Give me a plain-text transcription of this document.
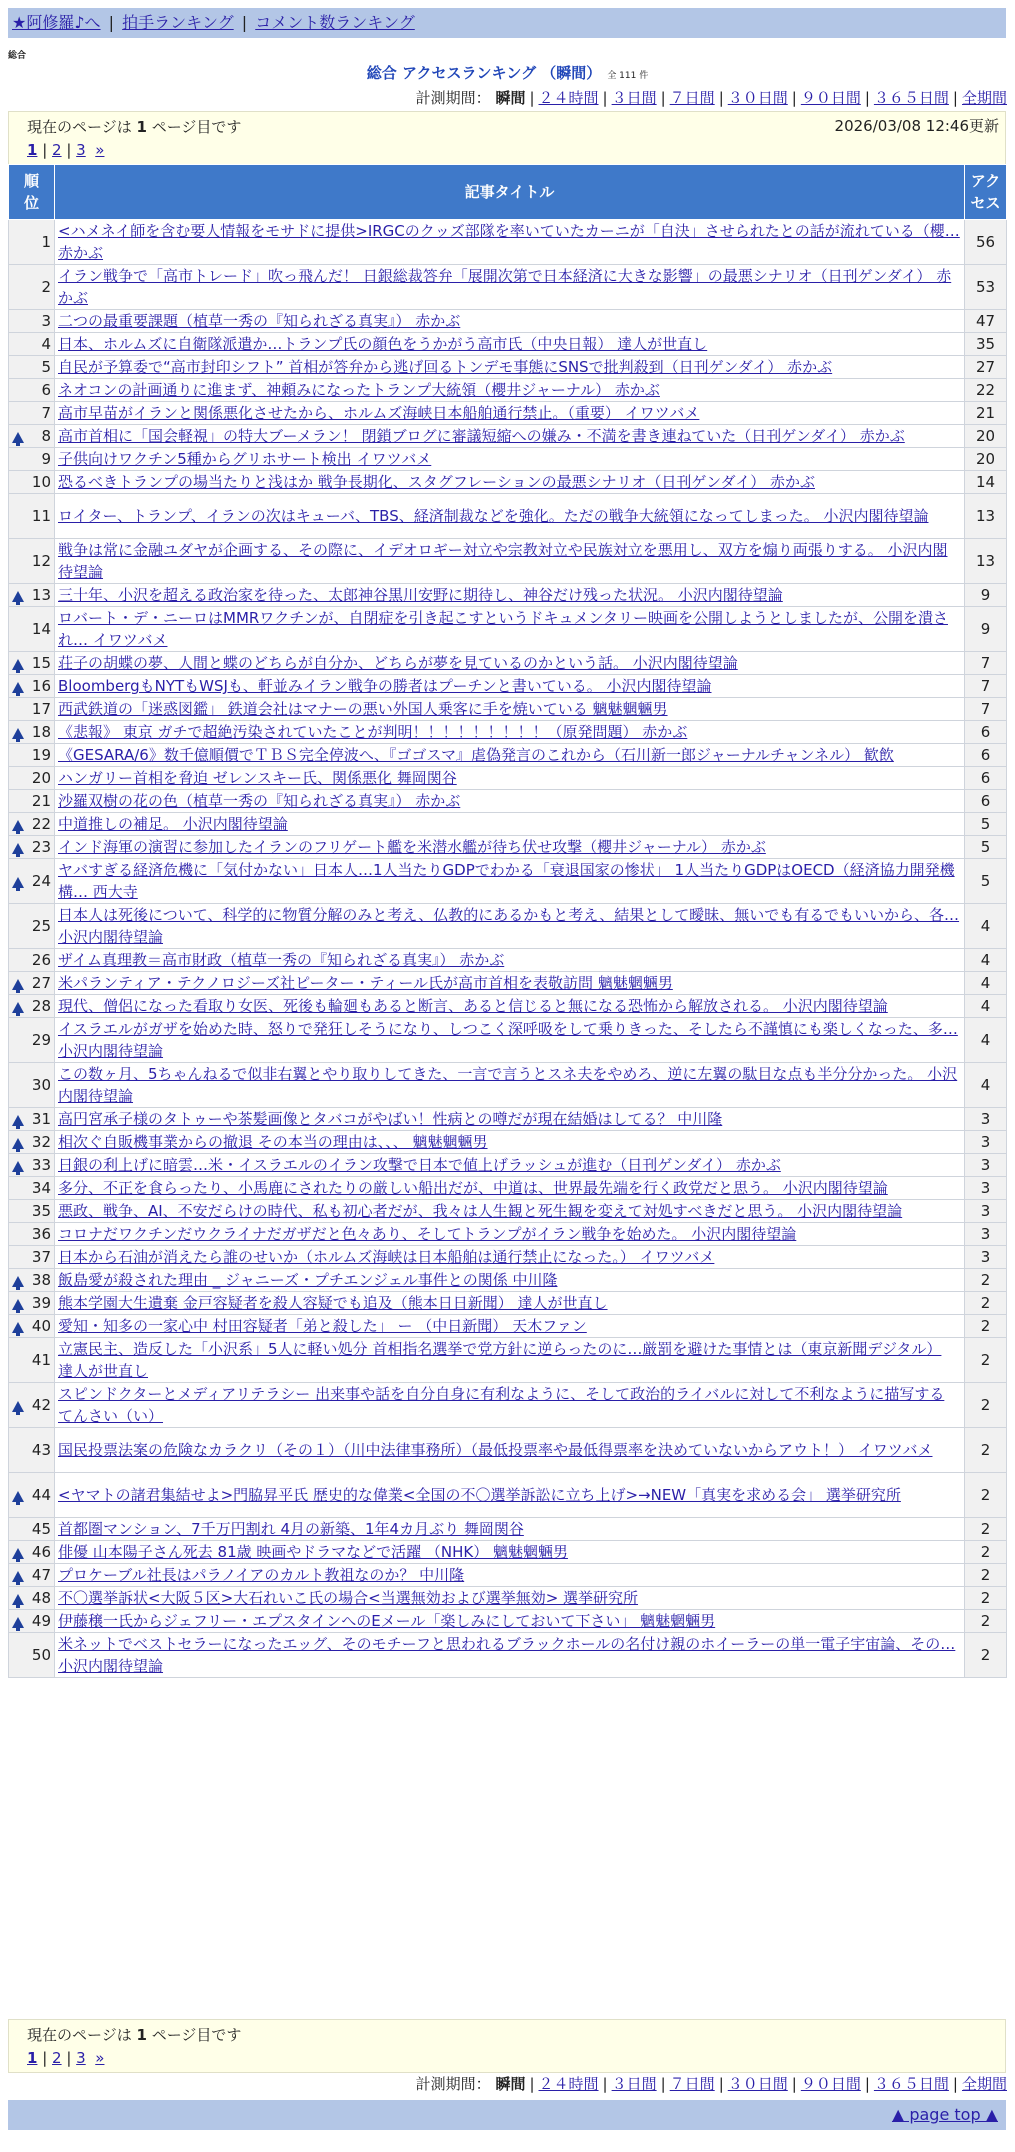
★阿修羅♪へ | 拍手ランキング | コメント数ランキング
総合
総合 アクセスランキング （瞬間） 全 111 件
計測期間： 瞬間 | ２４時間 | ３日間 | ７日間 | ３０日間 | ９０日間 | ３６５日間 | 全期間
現在のページは 1 ページ目です	2026/03/08 12:46更新
1 | 2 | 3 »
順位	記事タイトル	アクセス
1	<ハメネイ師を含む要人情報をモサドに提供>IRGCのクッズ部隊を率いていたカーニが「自決」させられたとの話が流れている（櫻… 赤かぶ	56
2	イラン戦争で「高市トレード」吹っ飛んだ！ 日銀総裁答弁「展開次第で日本経済に大きな影響」の最悪シナリオ（日刊ゲンダイ） 赤かぶ	53
3	二つの最重要課題（植草一秀の『知られざる真実』） 赤かぶ	47
4	日本、ホルムズに自衛隊派遣か…トランプ氏の顔色をうかがう高市氏（中央日報） 達人が世直し	35
5	自民が予算委で“高市封印シフト” 首相が答弁から逃げ回るトンデモ事態にSNSで批判殺到（日刊ゲンダイ） 赤かぶ	27
6	ネオコンの計画通りに進まず、神頼みになったトランプ大統領（櫻井ジャーナル） 赤かぶ	22
7	高市早苗がイランと関係悪化させたから、ホルムズ海峡日本船舶通行禁止。（重要） イワツバメ	21

8	高市首相に「国会軽視」の特大ブーメラン！ 閉鎖ブログに審議短縮への嫌み・不満を書き連ねていた（日刊ゲンダイ） 赤かぶ	20
9	子供向けワクチン5種からグリホサート検出 イワツバメ	20
10	恐るべきトランプの場当たりと浅はか 戦争長期化、スタグフレーションの最悪シナリオ（日刊ゲンダイ） 赤かぶ	14
11	ロイター、トランプ、イランの次はキューバ、TBS、経済制裁などを強化。ただの戦争大統領になってしまった。 小沢内閣待望論	13
12	戦争は常に金融ユダヤが企画する、その際に、イデオロギー対立や宗教対立や民族対立を悪用し、双方を煽り両張りする。 小沢内閣待望論	13

13	三十年、小沢を超える政治家を待った、太郎神谷黒川安野に期待し、神谷だけ残った状況。 小沢内閣待望論	9
14	ロバート・デ・ニーロはMMRワクチンが、自閉症を引き起こすというドキュメンタリー映画を公開しようとしましたが、公開を潰され… イワツバメ	9

15	荘子の胡蝶の夢、人間と蝶のどちらが自分か、どちらが夢を見ているのかという話。 小沢内閣待望論	7

16	BloombergもNYTもWSJも、軒並みイラン戦争の勝者はプーチンと書いている。 小沢内閣待望論	7
17	西武鉄道の「迷惑図鑑」 鉄道会社はマナーの悪い外国人乗客に手を焼いている 魑魅魍魎男	7

18	《悲報》 東京 ガチで超絶汚染されていたことが判明！！！！！！！！！（原発問題） 赤かぶ	6
19	《GESARA/6》数千億順價でＴＢＳ完全停波へ、『ゴゴスマ』虐偽発言のこれから（石川新一郎ジャーナルチャンネル） 歓飲	6
20	ハンガリー首相を脅迫 ゼレンスキー氏、関係悪化 舞岡関谷	6
21	沙羅双樹の花の色（植草一秀の『知られざる真実』） 赤かぶ	6

22	中道推しの補足。 小沢内閣待望論	5

23	インド海軍の演習に参加したイランのフリゲート艦を米潜水艦が待ち伏せ攻撃（櫻井ジャーナル） 赤かぶ	5

24	ヤバすぎる経済危機に「気付かない」日本人…1人当たりGDPでわかる「衰退国家の惨状」 1人当たりGDPはOECD（経済協力開発機構… 西大寺	5
25	日本人は死後について、科学的に物質分解のみと考え、仏教的にあるかもと考え、結果として曖昧、無いでも有るでもいいから、各… 小沢内閣待望論	4
26	ザイム真理教＝高市財政（植草一秀の『知られざる真実』） 赤かぶ	4

27	米パランティア・テクノロジーズ社ピーター・ティール氏が高市首相を表敬訪問 魑魅魍魎男	4

28	現代、僧侶になった看取り女医、死後も輪廻もあると断言、あると信じると無になる恐怖から解放される。 小沢内閣待望論	4
29	イスラエルがガザを始めた時、怒りで発狂しそうになり、しつこく深呼吸をして乗りきった、そしたら不謹慎にも楽しくなった、多… 小沢内閣待望論	4
30	この数ヶ月、5ちゃんねるで似非右翼とやり取りしてきた、一言で言うとスネ夫をやめろ、逆に左翼の駄目な点も半分分かった。 小沢内閣待望論	4

31	高円宮承子様のタトゥーや茶髪画像とタバコがやばい！性病との噂だが現在結婚はしてる？ 中川隆	3

32	相次ぐ自販機事業からの撤退 その本当の理由は、、、 魑魅魍魎男	3

33	日銀の利上げに暗雲…米・イスラエルのイラン攻撃で日本で値上げラッシュが進む（日刊ゲンダイ） 赤かぶ	3
34	多分、不正を食らったり、小馬鹿にされたりの厳しい船出だが、中道は、世界最先端を行く政党だと思う。 小沢内閣待望論	3
35	悪政、戦争、AI、不安だらけの時代、私も初心者だが、我々は人生観と死生観を変えて対処すべきだと思う。 小沢内閣待望論	3
36	コロナだワクチンだウクライナだガザだと色々あり、そしてトランプがイラン戦争を始めた。 小沢内閣待望論	3
37	日本から石油が消えたら誰のせいか（ホルムズ海峡は日本船舶は通行禁止になった。） イワツバメ	3

38	飯島愛が殺された理由 _ ジャニーズ・プチエンジェル事件との関係 中川隆	2

39	熊本学園大生遺棄 金戸容疑者を殺人容疑でも追及（熊本日日新聞） 達人が世直し	2

40	愛知・知多の一家心中 村田容疑者「弟と殺した」 ー （中日新聞） 天木ファン	2
41	立憲民主、造反した「小沢系」5人に軽い処分 首相指名選挙で党方針に逆らったのに…厳罰を避けた事情とは（東京新聞デジタル） 達人が世直し	2

42	スピンドクターとメディアリテラシー 出来事や話を自分自身に有利なように、そして政治的ライバルに対して不利なように描写する てんさい（い）	2
43	国民投票法案の危険なカラクリ（その１）（川中法律事務所）（最低投票率や最低得票率を決めていないからアウト！） イワツバメ	2

44	<ヤマトの諸君集結せよ>門脇昇平氏 歴史的な偉業<全国の不〇選挙訴訟に立ち上げ>→NEW「真実を求める会」 選挙研究所	2
45	首都圏マンション、7千万円割れ 4月の新築、1年4カ月ぶり 舞岡関谷	2

46	俳優 山本陽子さん死去 81歳 映画やドラマなどで活躍 （NHK） 魑魅魍魎男	2

47	プロケーブル社長はパラノイアのカルト教祖なのか？ 中川隆	2

48	不〇選挙訴状<大阪５区>大石れいこ氏の場合<当選無効および選挙無効> 選挙研究所	2

49	伊藤穣一氏からジェフリー・エプスタインへのEメール「楽しみにしておいて下さい」 魑魅魍魎男	2
50	米ネットでベストセラーになったエッグ、そのモチーフと思われるブラックホールの名付け親のホイーラーの単一電子宇宙論、その… 小沢内閣待望論	2
現在のページは 1 ページ目です
1 | 2 | 3 »
計測期間： 瞬間 | ２４時間 | ３日間 | ７日間 | ３０日間 | ９０日間 | ３６５日間 | 全期間
▲ page top ▲
